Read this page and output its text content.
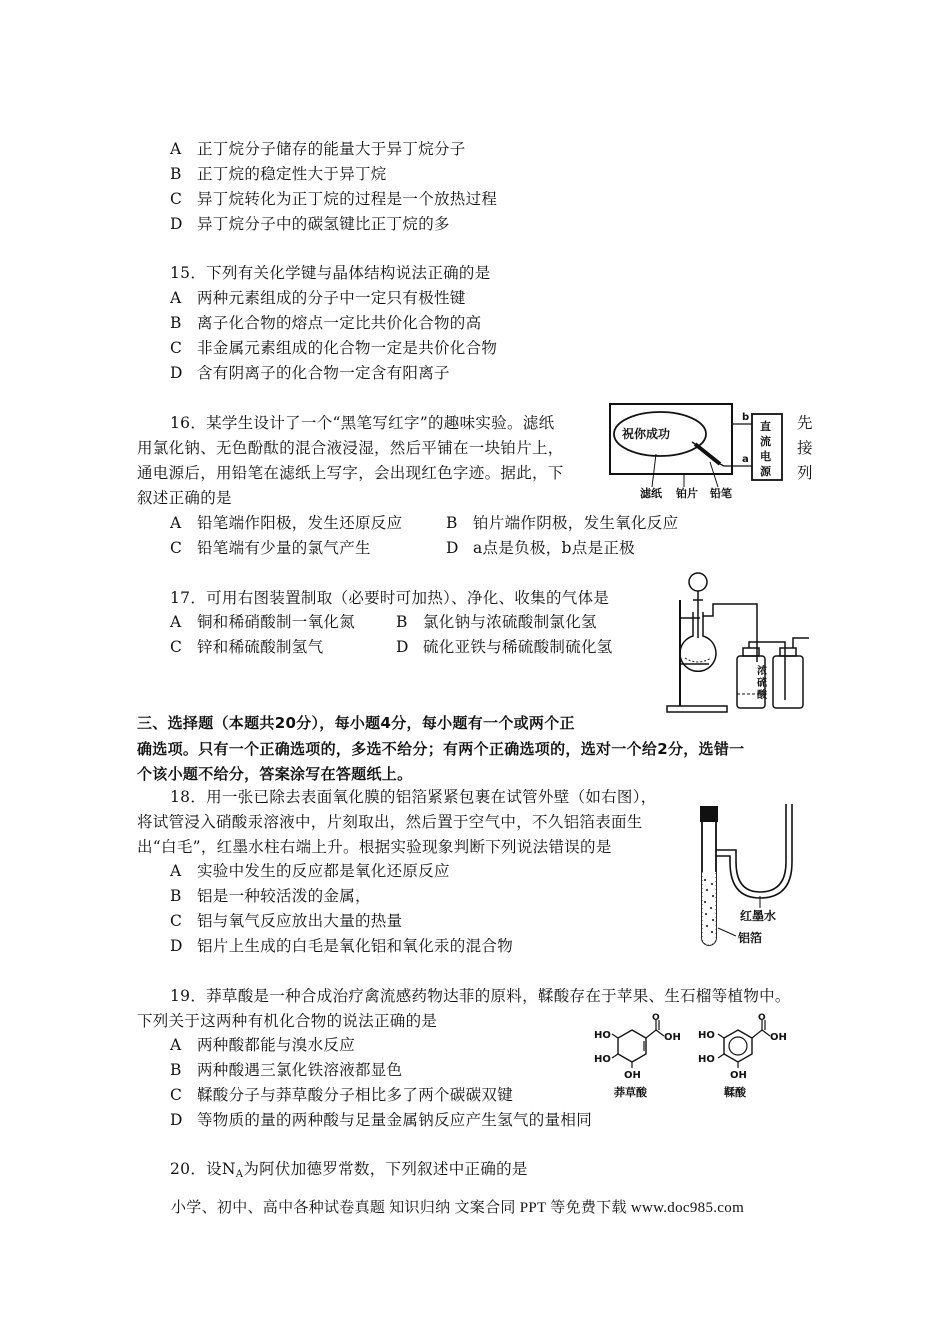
A 正丁烷分子储存的能量大于异丁烷分子
B 正丁烷的稳定性大于异丁烷
C 异丁烷转化为正丁烷的过程是一个放热过程
D 异丁烷分子中的碳氢键比正丁烷的多
15．下列有关化学键与晶体结构说法正确的是
A 两种元素组成的分子中一定只有极性键
B 离子化合物的熔点一定比共价化合物的高
C 非金属元素组成的化合物一定是共价化合物
D 含有阴离子的化合物一定含有阳离子
16．某学生设计了一个“黑笔写红字”的趣味实验。滤纸
用氯化钠、无色酚酞的混合液浸湿，然后平铺在一块铂片上，
通电源后，用铅笔在滤纸上写字，会出现红色字迹。据此，下
叙述正确的是
先
接
列
A 铅笔端作阳极，发生还原反应	B 铂片端作阴极，发生氧化反应
C 铅笔端有少量的氯气产生	D a点是负极，b点是正极
祝你成功
直
流
电
源
b
a
滤纸 铂片 铅笔
17．可用右图装置制取（必要时可加热）、净化、收集的气体是
A 铜和稀硝酸制一氧化氮	B 氯化钠与浓硫酸制氯化氢
C 锌和稀硫酸制氢气	D 硫化亚铁与稀硫酸制硫化氢
浓
硫
酸
三、选择题（本题共20分），每小题4分，每小题有一个或两个正
确选项。只有一个正确选项的，多选不给分；有两个正确选项的，选对一个给2分，选错一
个该小题不给分，答案涂写在答题纸上。
18．用一张已除去表面氧化膜的铝箔紧紧包裹在试管外壁（如右图），
将试管浸入硝酸汞溶液中，片刻取出，然后置于空气中，不久铝箔表面生
出“白毛”，红墨水柱右端上升。根据实验现象判断下列说法错误的是
A 实验中发生的反应都是氧化还原反应
B 铝是一种较活泼的金属，
C 铝与氧气反应放出大量的热量
D 铝片上生成的白毛是氧化铝和氧化汞的混合物
红墨水
铝箔
19．莽草酸是一种合成治疗禽流感药物达菲的原料，鞣酸存在于苹果、生石榴等植物中。
下列关于这两种有机化合物的说法正确的是
A 两种酸都能与溴水反应
B 两种酸遇三氯化铁溶液都显色
C 鞣酸分子与莽草酸分子相比多了两个碳碳双键
D 等物质的量的两种酸与足量金属钠反应产生氢气的量相同
O
OH
HO
HO
OH
莽草酸
O
OH
HO
HO
OH
鞣酸
20．设$N_A$为阿伏加德罗常数，下列叙述中正确的是
小学、初中、高中各种试卷真题 知识归纳 文案合同 PPT 等免费下载 www.doc985.com
